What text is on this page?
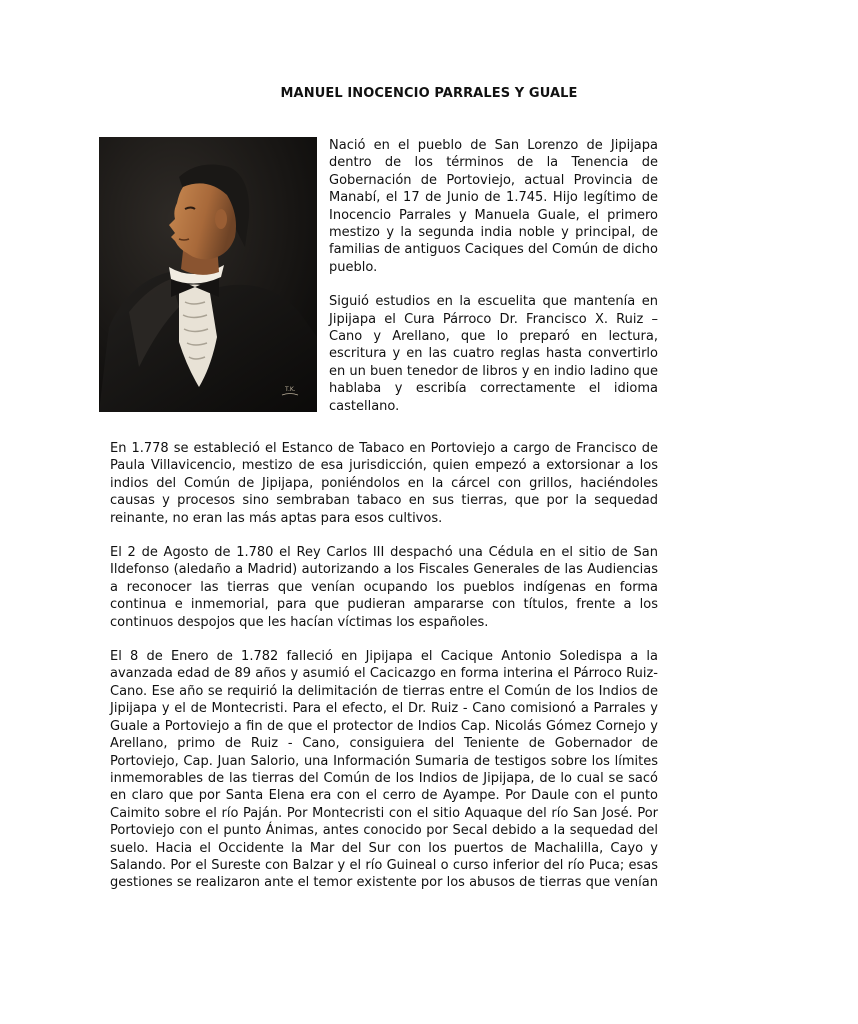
MANUEL INOCENCIO PARRALES Y GUALE
T.K.

Nació en el pueblo de San Lorenzo de Jipijapa dentro de los términos de la Tenencia de Gobernación de Portoviejo, actual Provincia de Manabí, el 17 de Junio de 1.745. Hijo legítimo de Inocencio Parrales y Manuela Guale, el primero mestizo y la segunda india noble y principal, de familias de antiguos Caciques del Común de dicho pueblo.

Siguió estudios en la escuelita que mantenía en Jipijapa el Cura Párroco Dr. Francisco X. Ruiz – Cano y Arellano, que lo preparó en lectura, escritura y en las cuatro reglas hasta convertirlo en un buen tenedor de libros y en indio ladino que hablaba y escribía correctamente el idioma castellano.

En 1.778 se estableció el Estanco de Tabaco en Portoviejo a cargo de Francisco de Paula Villavicencio, mestizo de esa jurisdicción, quien empezó a extorsionar a los indios del Común de Jipijapa, poniéndolos en la cárcel con grillos, haciéndoles causas y procesos sino sembraban tabaco en sus tierras, que por la sequedad reinante, no eran las más aptas para esos cultivos.

El 2 de Agosto de 1.780 el Rey Carlos III despachó una Cédula en el sitio de San Ildefonso (aledaño a Madrid) autorizando a los Fiscales Generales de las Audiencias a reconocer las tierras que venían ocupando los pueblos indígenas en forma continua e inmemorial, para que pudieran ampararse con títulos, frente a los continuos despojos que les hacían víctimas los españoles.

El 8 de Enero de 1.782 falleció en Jipijapa el Cacique Antonio Soledispa a la avanzada edad de 89 años y asumió el Cacicazgo en forma interina el Párroco Ruiz-Cano. Ese año se requirió la delimitación de tierras entre el Común de los Indios de Jipijapa y el de Montecristi. Para el efecto, el Dr. Ruiz - Cano comisionó a Parrales y Guale a Portoviejo a fin de que el protector de Indios Cap. Nicolás Gómez Cornejo y Arellano, primo de Ruiz - Cano, consiguiera del Teniente de Gobernador de Portoviejo, Cap. Juan Salorio, una Información Sumaria de testigos sobre los límites inmemorables de las tierras del Común de los Indios de Jipijapa, de lo cual se sacó en claro que por Santa Elena era con el cerro de Ayampe. Por Daule con el punto Caimito sobre el río Paján. Por Montecristi con el sitio Aquaque del río San José. Por Portoviejo con el punto Ánimas, antes conocido por Secal debido a la sequedad del suelo. Hacia el Occidente la Mar del Sur con los puertos de Machalilla, Cayo y Salando. Por el Sureste con Balzar y el río Guineal o curso inferior del río Puca; esas gestiones se realizaron ante el temor existente por los abusos de tierras que venían
